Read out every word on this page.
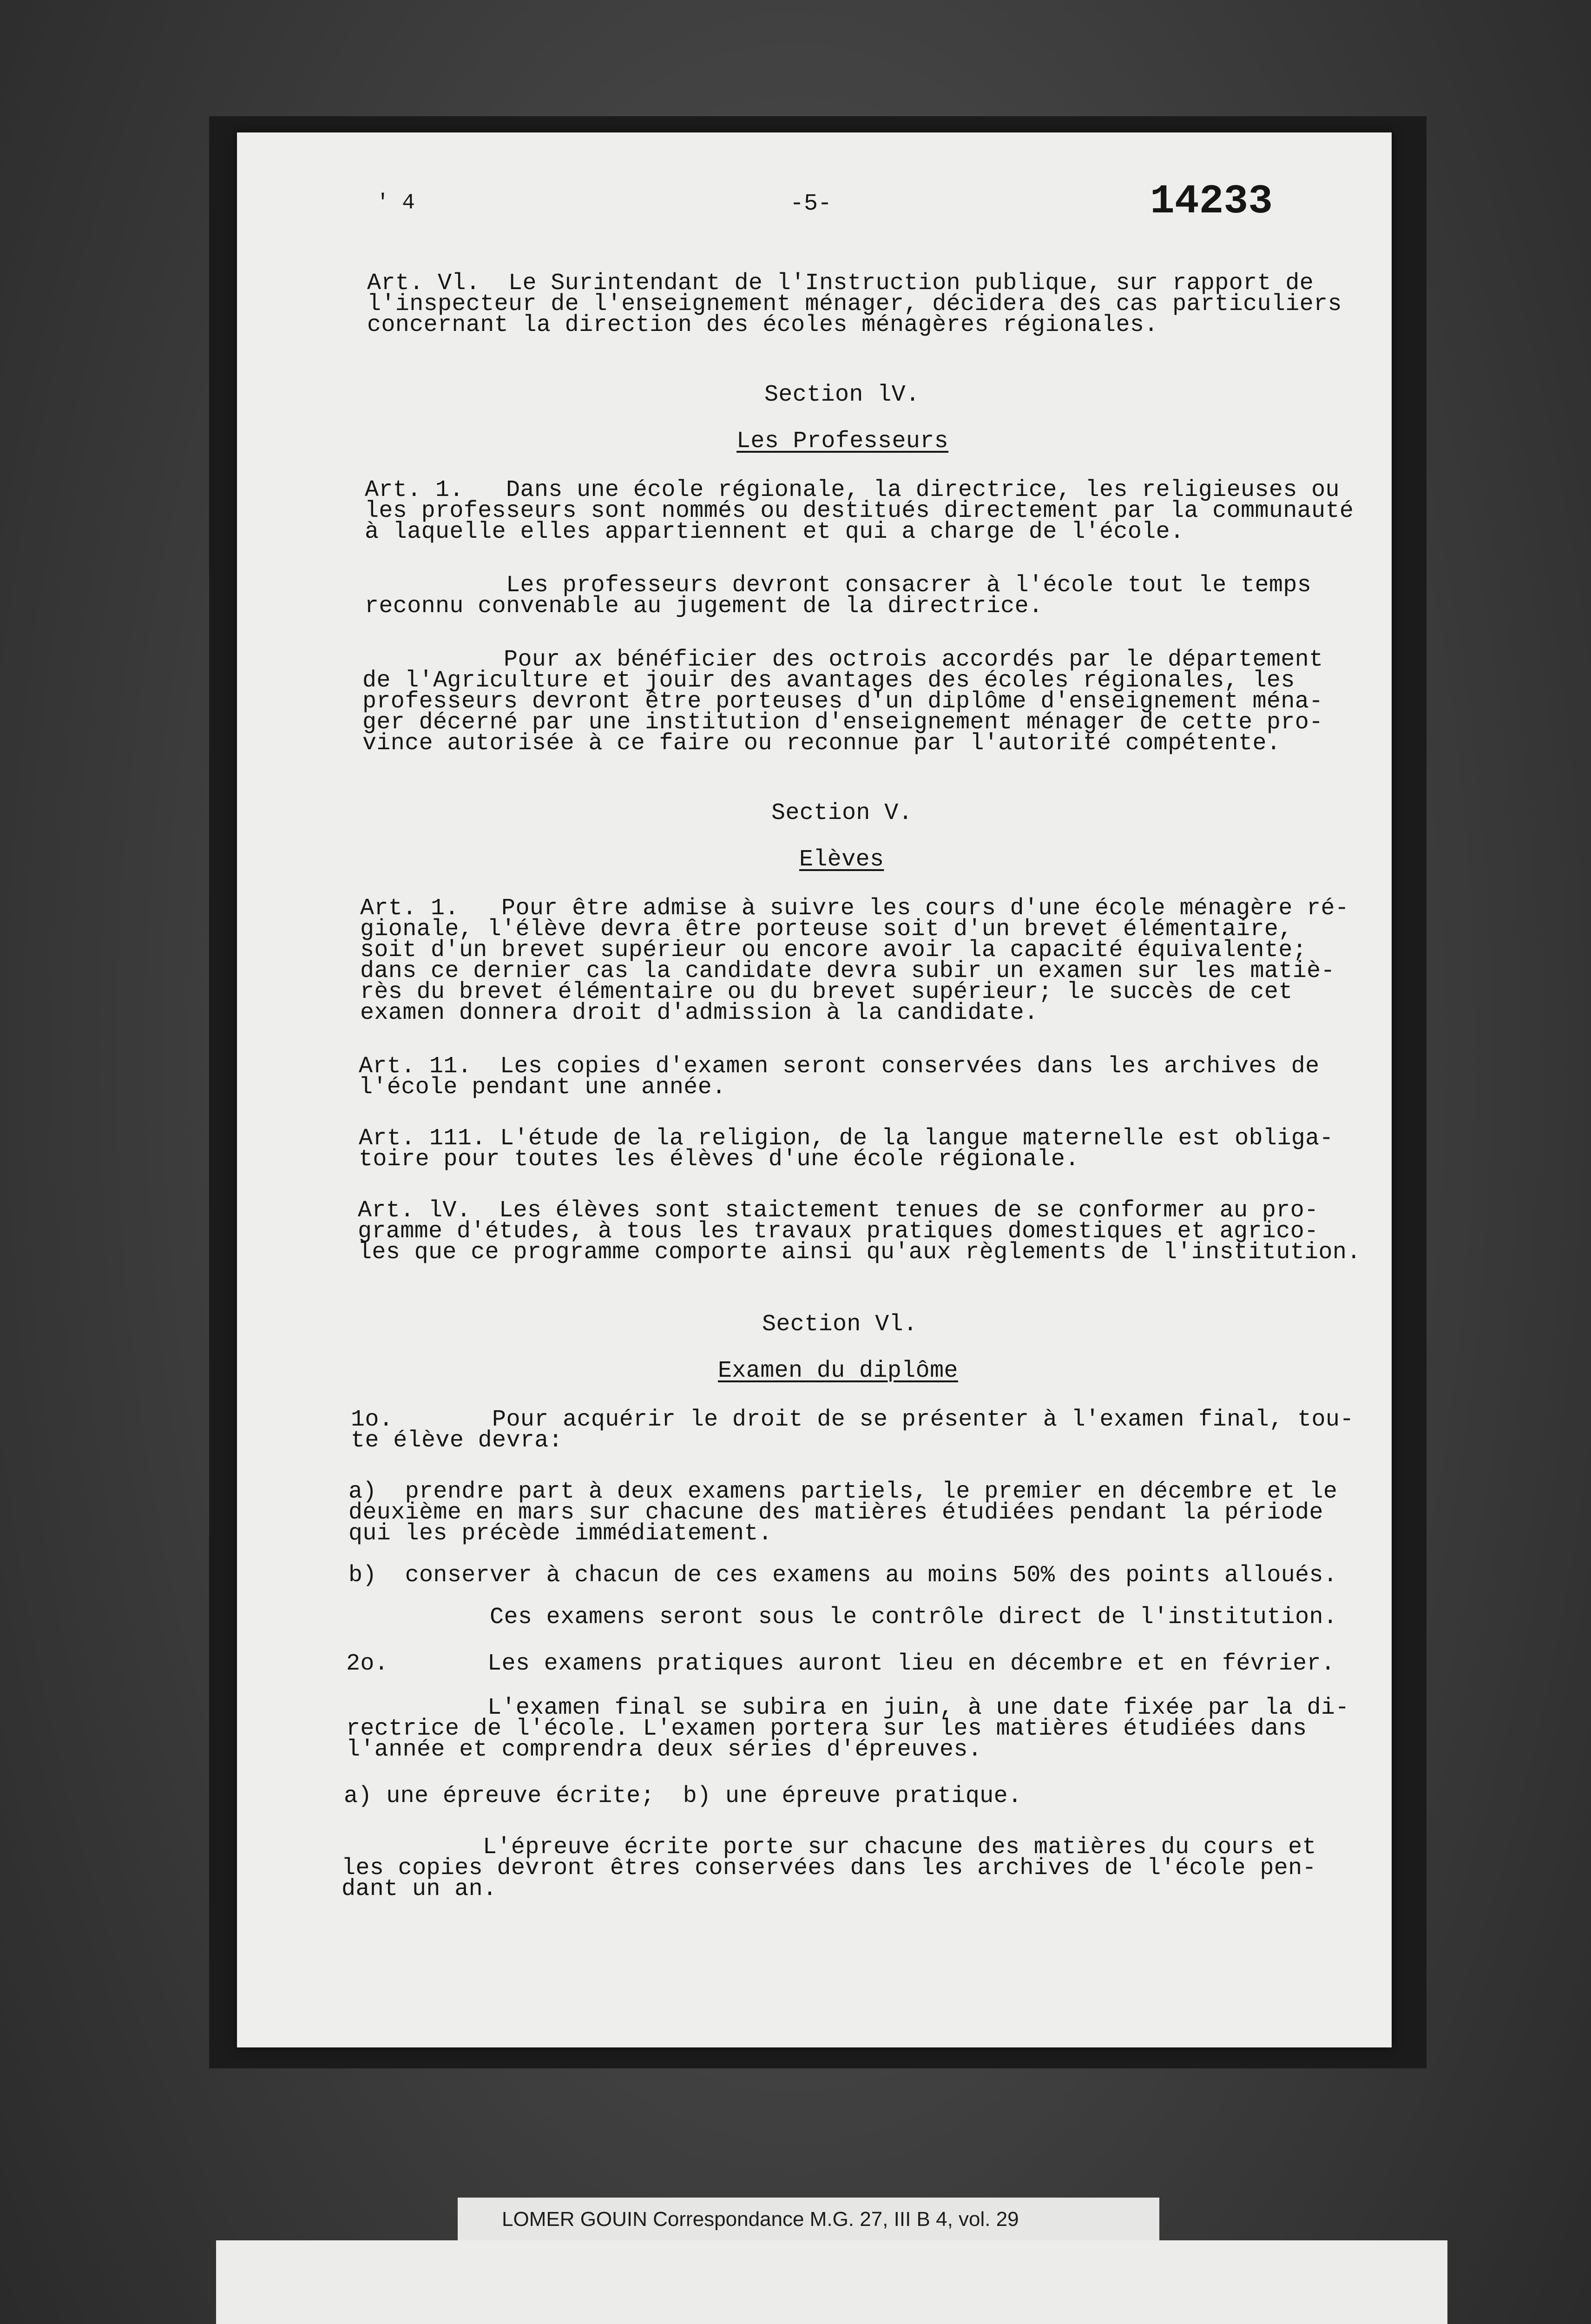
' 4	-5-	14233
Art. Vl.  Le Surintendant de l'Instruction publique, sur rapport de
l'inspecteur de l'enseignement ménager, décidera des cas particuliers
concernant la direction des écoles ménagères régionales.
Section lV.
Les Professeurs
Art. 1.   Dans une école régionale, la directrice, les religieuses ou
les professeurs sont nommés ou destitués directement par la communauté
à laquelle elles appartiennent et qui a charge de l'école.
Les professeurs devront consacrer à l'école tout le temps
reconnu convenable au jugement de la directrice.
Pour ax bénéficier des octrois accordés par le département
de l'Agriculture et jouir des avantages des écoles régionales, les
professeurs devront être porteuses d'un diplôme d'enseignement ména-
ger décerné par une institution d'enseignement ménager de cette pro-
vince autorisée à ce faire ou reconnue par l'autorité compétente.
Section V.
Elèves
Art. 1.   Pour être admise à suivre les cours d'une école ménagère ré-
gionale, l'élève devra être porteuse soit d'un brevet élémentaire,
soit d'un brevet supérieur ou encore avoir la capacité équivalente;
dans ce dernier cas la candidate devra subir un examen sur les matiè-
rès du brevet élémentaire ou du brevet supérieur; le succès de cet
examen donnera droit d'admission à la candidate.
Art. 11.  Les copies d'examen seront conservées dans les archives de
l'école pendant une année.
Art. 111. L'étude de la religion, de la langue maternelle est obliga-
toire pour toutes les élèves d'une école régionale.
Art. lV.  Les élèves sont staictement tenues de se conformer au pro-
gramme d'études, à tous les travaux pratiques domestiques et agrico-
les que ce programme comporte ainsi qu'aux règlements de l'institution.
Section Vl.
Examen du diplôme
1o.       Pour acquérir le droit de se présenter à l'examen final, tou-
te élève devra:
a)  prendre part à deux examens partiels, le premier en décembre et le
deuxième en mars sur chacune des matières étudiées pendant la période
qui les précède immédiatement.
b)  conserver à chacun de ces examens au moins 50% des points alloués.
Ces examens seront sous le contrôle direct de l'institution.
2o.       Les examens pratiques auront lieu en décembre et en février.
L'examen final se subira en juin, à une date fixée par la di-
rectrice de l'école. L'examen portera sur les matières étudiées dans
l'année et comprendra deux séries d'épreuves.
a) une épreuve écrite;  b) une épreuve pratique.
L'épreuve écrite porte sur chacune des matières du cours et
les copies devront êtres conservées dans les archives de l'école pen-
dant un an.
LOMER GOUIN Correspondance M.G. 27, III B 4, vol. 29
